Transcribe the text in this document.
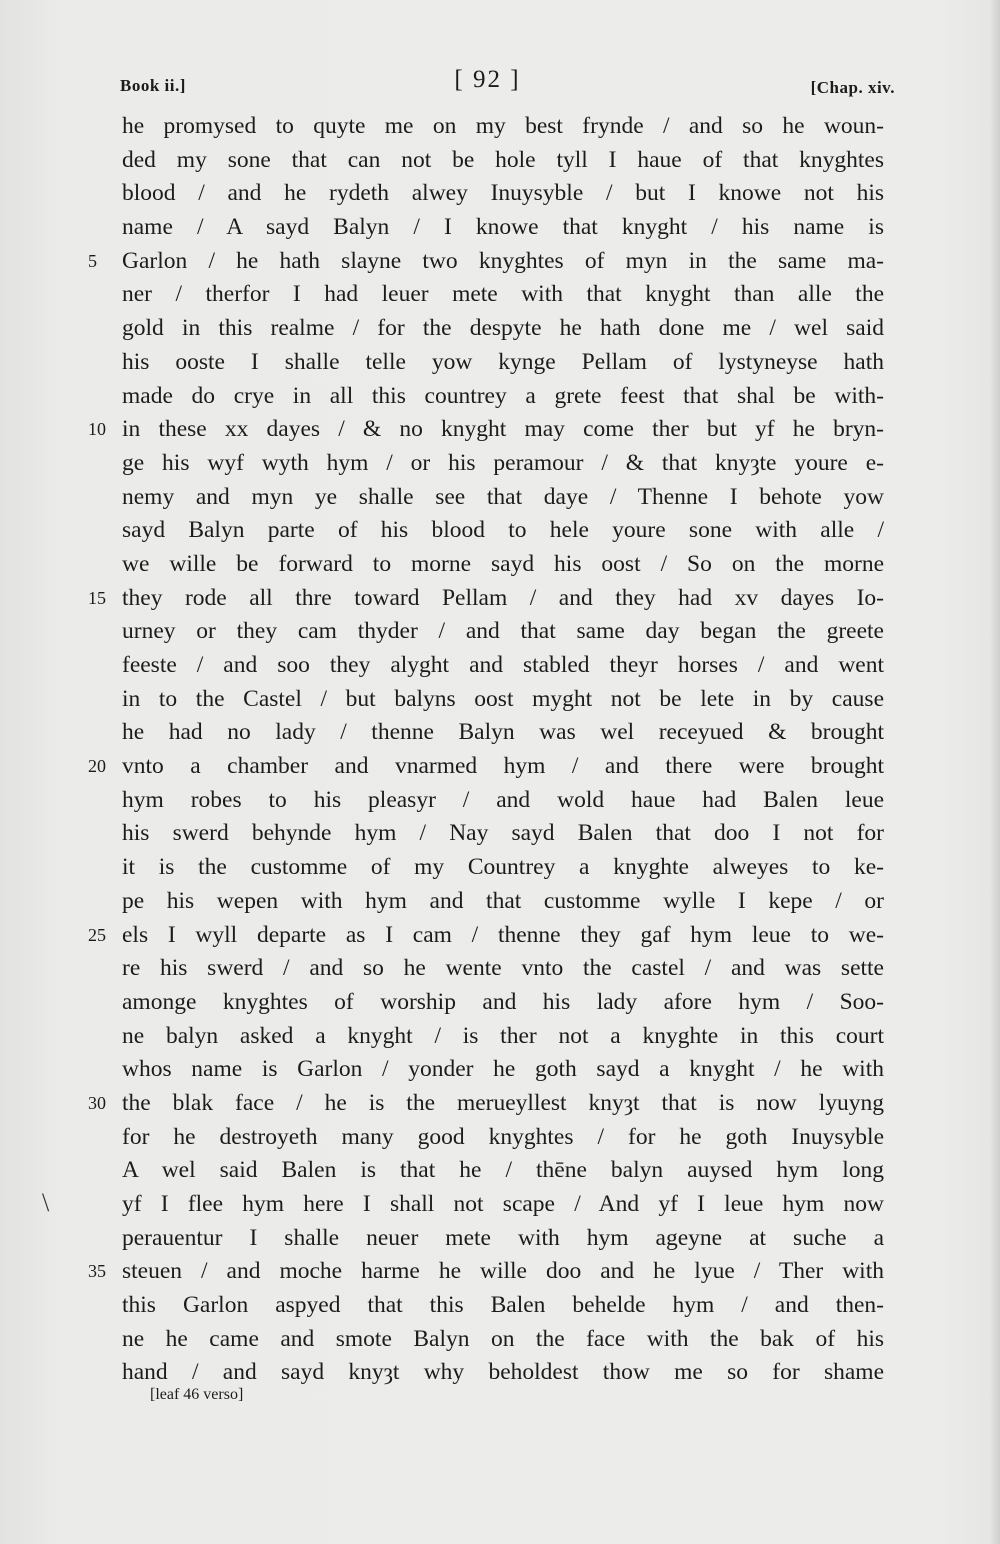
Book ii.]	[ 92 ]	[Chap. xiv.
he promysed to quyte me on my best frynde / and so he woun-
ded my sone that can not be hole tyll I haue of that knyghtes
blood / and he rydeth alwey Inuysyble / but I knowe not his
name / A sayd Balyn / I knowe that knyght / his name is
5	Garlon / he hath slayne two knyghtes of myn in the same ma-
ner / therfor I had leuer mete with that knyght than alle the
gold in this realme / for the despyte he hath done me / wel said
his ooste I shalle telle yow kynge Pellam of lystyneyse hath
made do crye in all this countrey a grete feest that shal be with-
10 in these xx dayes / & no knyght may come ther but yf he bryn-
ge his wyf wyth hym / or his peramour / & that knyȝte youre e-
nemy and myn ye shalle see that daye / Thenne I behote yow
sayd Balyn parte of his blood to hele youre sone with alle /
we wille be forward to morne sayd his oost / So on the morne
15 they rode all thre toward Pellam / and they had xv dayes Io-
urney or they cam thyder / and that same day began the greete
feeste / and soo they alyght and stabled theyr horses / and went
in to the Castel / but balyns oost myght not be lete in by cause
he had no lady / thenne Balyn was wel receyued & brought
20 vnto a chamber and vnarmed hym / and there were brought
hym robes to his pleasyr / and wold haue had Balen leue
his swerd behynde hym / Nay sayd Balen that doo I not for
it is the customme of my Countrey a knyghte alweyes to ke-
pe his wepen with hym and that customme wylle I kepe / or
25 els I wyll departe as I cam / thenne they gaf hym leue to we-
re his swerd / and so he wente vnto the castel / and was sette
amonge knyghtes of worship and his lady afore hym / Soo-
ne balyn asked a knyght / is ther not a knyghte in this court
whos name is Garlon / yonder he goth sayd a knyght / he with
30 the blak face / he is the merueyllest knyȝt that is now lyuyng
for he destroyeth many good knyghtes / for he goth Inuysyble
A wel said Balen is that he / thēne balyn auysed hym long
yf I flee hym here I shall not scape / And yf I leue hym now
perauentur I shalle neuer mete with hym ageyne at suche a
35 steuen / and moche harme he wille doo and he lyue / Ther with
this Garlon aspyed that this Balen behelde hym / and then-
ne he came and smote Balyn on the face with the bak of his
hand / and sayd knyȝt why beholdest thow me so for shame
\
[leaf 46 verso]
